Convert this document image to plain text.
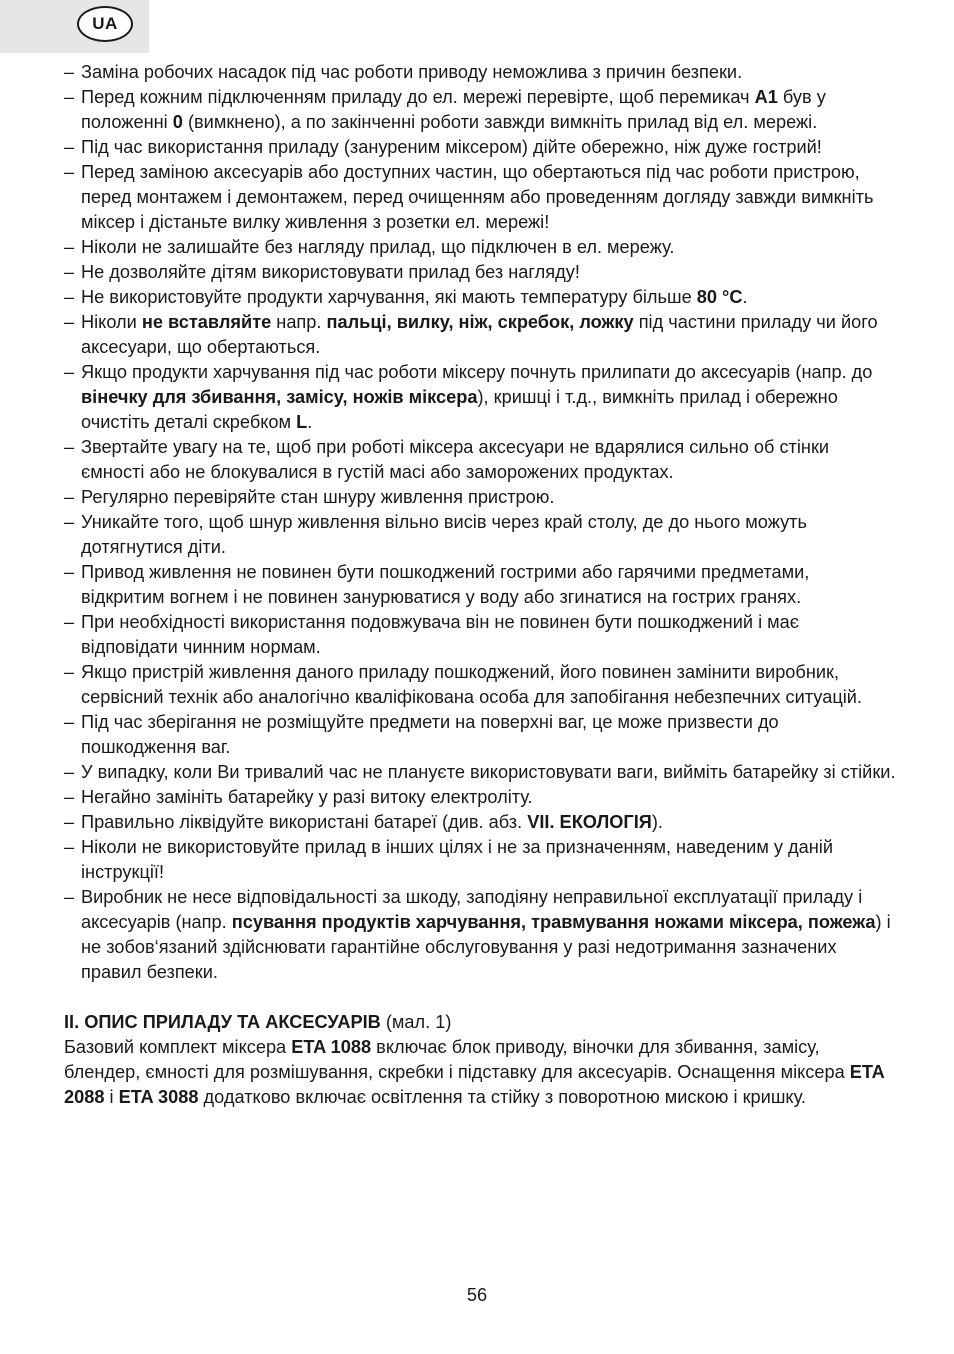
UA
– Заміна робочих насадок під час роботи приводу неможлива з причин безпеки.
– Перед кожним підключенням приладу до ел. мережі перевірте, щоб перемикач A1 був у положенні 0 (вимкнено), а по закінченні роботи завжди вимкніть прилад від ел. мережі.
– Під час використання приладу (зануреним міксером) дійте обережно, ніж дуже гострий!
– Перед заміною аксесуарів або доступних частин, що обертаються під час роботи пристрою, перед монтажем і демонтажем, перед очищенням або проведенням догляду завжди вимкніть міксер і дістаньте вилку живлення з розетки ел. мережі!
– Ніколи не залишайте без нагляду прилад, що підключен в ел. мережу.
– Не дозволяйте дітям використовувати прилад без нагляду!
– Не використовуйте продукти харчування, які мають температуру більше 80 °C.
– Ніколи не вставляйте напр. пальці, вилку, ніж, скребок, ложку під частини приладу чи його аксесуари, що обертаються.
– Якщо продукти харчування під час роботи міксеру почнуть прилипати до аксесуарів (напр. до вінечку для збивання, замісу, ножів міксера), кришці і т.д., вимкніть прилад і обережно очистіть деталі скребком L.
– Звертайте увагу на те, щоб при роботі міксера аксесуари не вдарялися сильно об стінки ємності або не блокувалися в густій масі або заморожених продуктах.
– Регулярно перевіряйте стан шнуру живлення пристрою.
– Уникайте того, щоб шнур живлення вільно висів через край столу, де до нього можуть дотягнутися діти.
– Привод живлення не повинен бути пошкоджений гострими або гарячими предметами, відкритим вогнем і не повинен занурюватися у воду або згинатися на гострих гранях.
– При необхідності використання подовжувача він не повинен бути пошкоджений і має відповідати чинним нормам.
– Якщо пристрій живлення даного приладу пошкоджений, його повинен замінити виробник, сервісний технік або аналогічно кваліфікована особа для запобігання небезпечних ситуацій.
– Під час зберігання не розміщуйте предмети на поверхні ваг, це може призвести до пошкодження ваг.
– У випадку, коли Ви тривалий час не плануєте використовувати ваги, вийміть батарейку зі стійки.
– Негайно замініть батарейку у разі витоку електроліту.
– Правильно ліквідуйте використані батареї (див. абз. VII. ЕКОЛОГІЯ).
– Ніколи не використовуйте прилад в інших цілях і не за призначенням, наведеним у даній інструкції!
– Виробник не несе відповідальності за шкоду, заподіяну неправильної експлуатації приладу і аксесуарів (напр. псування продуктів харчування, травмування ножами міксера, пожежа) і не зобов‘язаний здійснювати гарантійне обслуговування у разі недотримання зазначених правил безпеки.
II. ОПИС ПРИЛАДУ ТА АКСЕСУАРІВ (мал. 1)
Базовий комплект міксера ETA 1088 включає блок приводу, віночки для збивання, замісу, блендер, ємності для розмішування, скребки і підставку для аксесуарів. Оснащення міксера ETA 2088 і ETA 3088 додатково включає освітлення та стійку з поворотною мискою і кришку.
56
